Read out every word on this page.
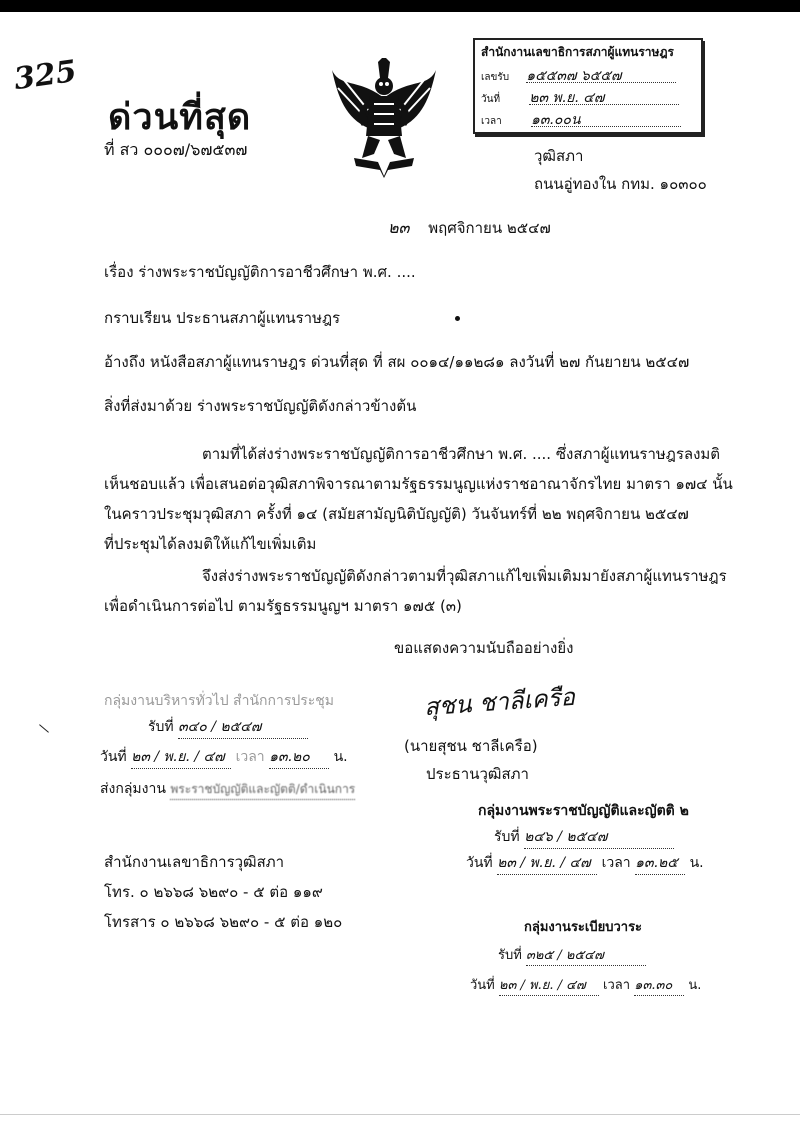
325
ด่วนที่สุด
ที่ สว ๐๐๐๗/๖๗๕๓๗
สำนักงานเลขาธิการสภาผู้แทนราษฎร
เลขรับ ๑๕๕๓๗ ๖๕๕๗
วันที่ ๒๓ พ.ย. ๔๗
เวลา ๑๓.๐๐น
วุฒิสภา
ถนนอู่ทองใน กทม. ๑๐๓๐๐
๒๓ พฤศจิกายน ๒๕๔๗
เรื่อง ร่างพระราชบัญญัติการอาชีวศึกษา พ.ศ. ....
กราบเรียน ประธานสภาผู้แทนราษฎร
อ้างถึง หนังสือสภาผู้แทนราษฎร ด่วนที่สุด ที่ สผ ๐๐๑๔/๑๑๒๘๑ ลงวันที่ ๒๗ กันยายน ๒๕๔๗
สิ่งที่ส่งมาด้วย ร่างพระราชบัญญัติดังกล่าวข้างต้น
ตามที่ได้ส่งร่างพระราชบัญญัติการอาชีวศึกษา พ.ศ. .... ซึ่งสภาผู้แทนราษฎรลงมติ
เห็นชอบแล้ว เพื่อเสนอต่อวุฒิสภาพิจารณาตามรัฐธรรมนูญแห่งราชอาณาจักรไทย มาตรา ๑๗๔ นั้น
ในคราวประชุมวุฒิสภา ครั้งที่ ๑๔ (สมัยสามัญนิติบัญญัติ) วันจันทร์ที่ ๒๒ พฤศจิกายน ๒๕๔๗
ที่ประชุมได้ลงมติให้แก้ไขเพิ่มเติม
จึงส่งร่างพระราชบัญญัติดังกล่าวตามที่วุฒิสภาแก้ไขเพิ่มเติมมายังสภาผู้แทนราษฎร
เพื่อดำเนินการต่อไป ตามรัฐธรรมนูญฯ มาตรา ๑๗๕ (๓)
ขอแสดงความนับถืออย่างยิ่ง
สุชน ชาลีเครือ
(นายสุชน ชาลีเครือ)
ประธานวุฒิสภา
กลุ่มงานบริหารทั่วไป สำนักการประชุม
รับที่ ๓๔๐ / ๒๕๔๗
วันที่ ๒๓ / พ.ย. / ๔๗ เวลา ๑๓.๒๐ น.
ส่งกลุ่มงาน พระราชบัญญัติและญัตติ/ดำเนินการ
กลุ่มงานพระราชบัญญัติและญัตติ ๒
รับที่ ๒๔๖ / ๒๕๔๗
วันที่ ๒๓ / พ.ย. / ๔๗ เวลา ๑๓.๒๕ น.
กลุ่มงานระเบียบวาระ
รับที่ ๓๒๕ / ๒๕๔๗
วันที่ ๒๓ / พ.ย. / ๔๗ เวลา ๑๓.๓๐ น.
สำนักงานเลขาธิการวุฒิสภา
โทร. ๐ ๒๖๖๘ ๖๒๙๐ - ๕ ต่อ ๑๑๙
โทรสาร ๐ ๒๖๖๘ ๖๒๙๐ - ๕ ต่อ ๑๒๐
